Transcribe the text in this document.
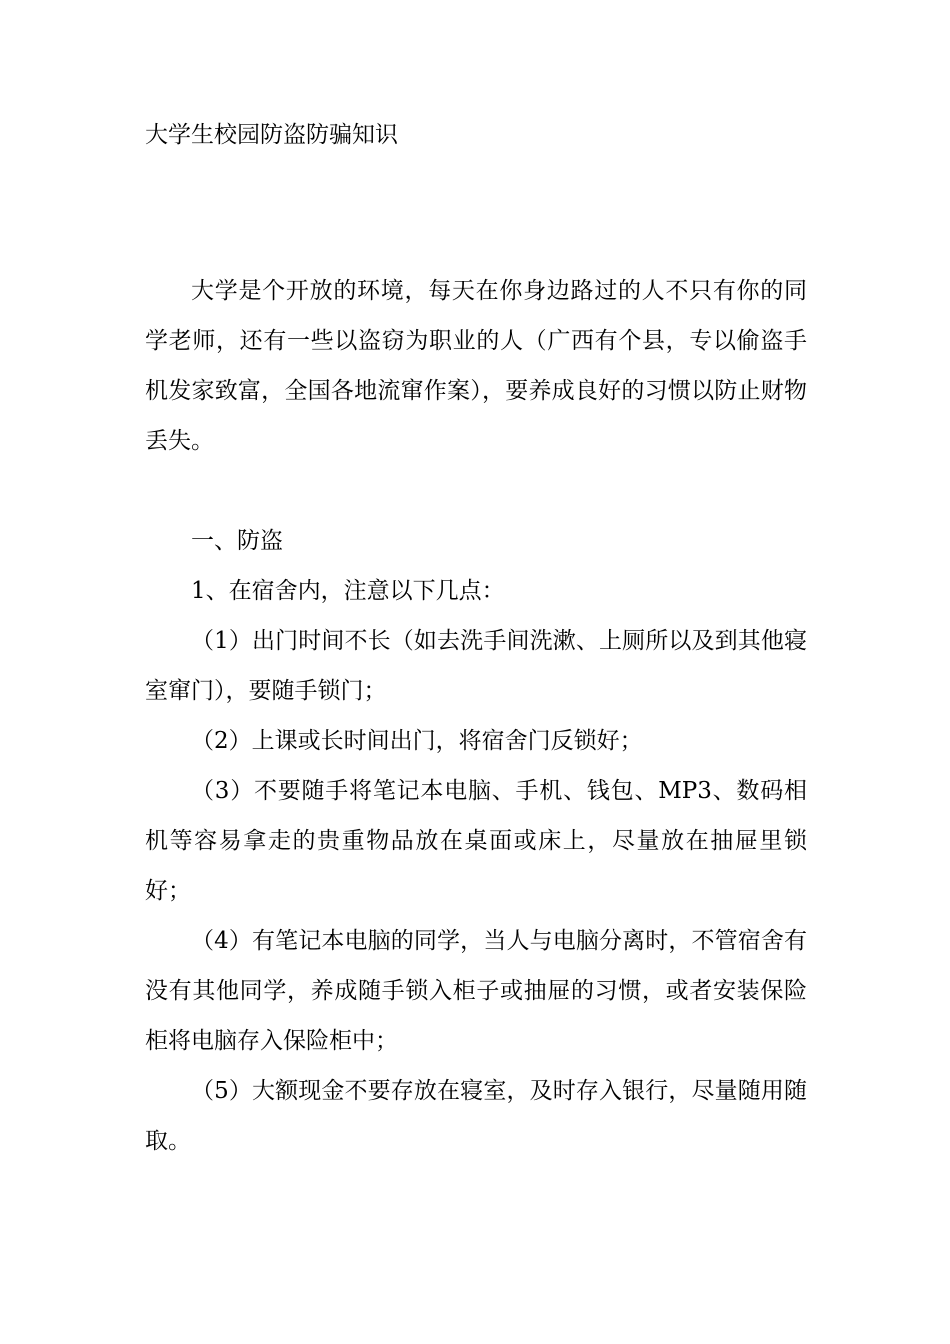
大学生校园防盗防骗知识

大学是个开放的环境，每天在你身边路过的人不只有你的同学老师，还有一些以盗窃为职业的人（广西有个县，专以偷盗手机发家致富，全国各地流窜作案），要养成良好的习惯以防止财物丢失。

一、防盗

1、在宿舍内，注意以下几点：

（1）出门时间不长（如去洗手间洗漱、上厕所以及到其他寝室窜门），要随手锁门；

（2）上课或长时间出门，将宿舍门反锁好；

（3）不要随手将笔记本电脑、手机、钱包、MP3、数码相机等容易拿走的贵重物品放在桌面或床上，尽量放在抽屉里锁好；

（4）有笔记本电脑的同学，当人与电脑分离时，不管宿舍有没有其他同学，养成随手锁入柜子或抽屉的习惯，或者安装保险柜将电脑存入保险柜中；

（5）大额现金不要存放在寝室，及时存入银行，尽量随用随取。
